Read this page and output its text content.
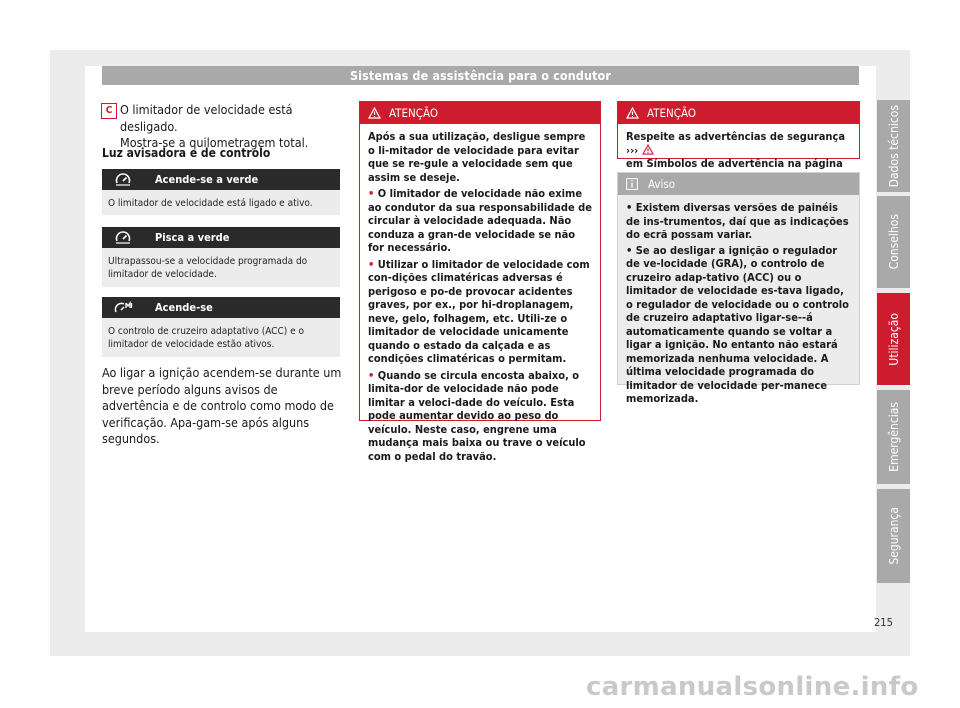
Sistemas de assistência para o condutor
Dados técnicos
Conselhos
Utilização
Emergências
Segurança
C O limitador de velocidade está desligado.
Mostra-se a quilometragem total.
Luz avisadora e de controlo
Acende-se a verde
O limitador de velocidade está ligado e ativo.
Pisca a verde
Ultrapassou-se a velocidade programada do limitador de velocidade.
Acende-se
O controlo de cruzeiro adaptativo (ACC) e o limitador de velocidade estão ativos.
Ao ligar a ignição acendem-se durante um breve período alguns avisos de advertência e de controlo como modo de verificação. Apa-gam-se após alguns segundos.
ATENÇÃO

Após a sua utilização, desligue sempre o li-mitador de velocidade para evitar que se re-gule a velocidade sem que assim se deseje.

• O limitador de velocidade não exime ao condutor da sua responsabilidade de circular à velocidade adequada. Não conduza a gran-de velocidade se não for necessário.

• Utilizar o limitador de velocidade com con-dições climatéricas adversas é perigoso e po-de provocar acidentes graves, por ex., por hi-droplanagem, neve, gelo, folhagem, etc. Utili-ze o limitador de velocidade unicamente quando o estado da calçada e as condições climatéricas o permitam.

• Quando se circula encosta abaixo, o limita-dor de velocidade não pode limitar a veloci-dade do veículo. Esta pode aumentar devido ao peso do veículo. Neste caso, engrene uma mudança mais baixa ou trave o veículo com o pedal do travão.

ATENÇÃO
Respeite as advertências de segurança ›››
em Símbolos de advertência na página
Aviso

• Existem diversas versões de painéis de ins-trumentos, daí que as indicações do ecrã possam variar.

• Se ao desligar a ignição o regulador de ve-locidade (GRA), o controlo de cruzeiro adap-tativo (ACC) ou o limitador de velocidade es-tava ligado, o regulador de velocidade ou o controlo de cruzeiro adaptativo ligar-se--á automaticamente quando se voltar a ligar a ignição. No entanto não estará memorizada nenhuma velocidade. A última velocidade programada do limitador de velocidade per-manece memorizada.

215
carmanualsonline.info
